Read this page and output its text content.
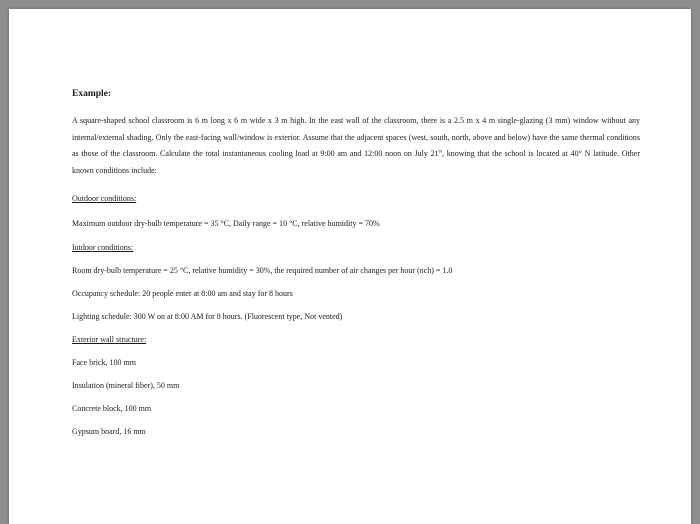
Example:
A square-shaped school classroom is 6 m long x 6 m wide x 3 m high. In the east wall of the classroom, there is a 2.5 m x 4 m single-glazing (3 mm) window without any internal/external shading. Only the east-facing wall/window is exterior. Assume that the adjacent spaces (west, south, north, above and below) have the same thermal conditions as those of the classroom. Calculate the total instantaneous cooling load at 9:00 am and 12:00 noon on July 21st, knowing that the school is located at 40° N latitude. Other known conditions include:
Outdoor conditions:
Maximum outdoor dry-bulb temperature = 35 °C, Daily range = 10 °C, relative humidity = 70%
Iutdoor conditions:
Room dry-bulb temperature = 25 °C, relative humidity = 30%, the required number of air changes per hour (nch) = 1.0
Occupancy schedule: 20 people enter at 8:00 am and stay for 8 hours
Lighting schedule: 300 W on at 8:00 AM for 8 hours. (Fluorescent type, Not vented)
Exterior wall structure:
Face brick, 100 mm
Insulation (mineral fiber), 50 mm
Concrete block, 100 mm
Gypsum board, 16 mm
